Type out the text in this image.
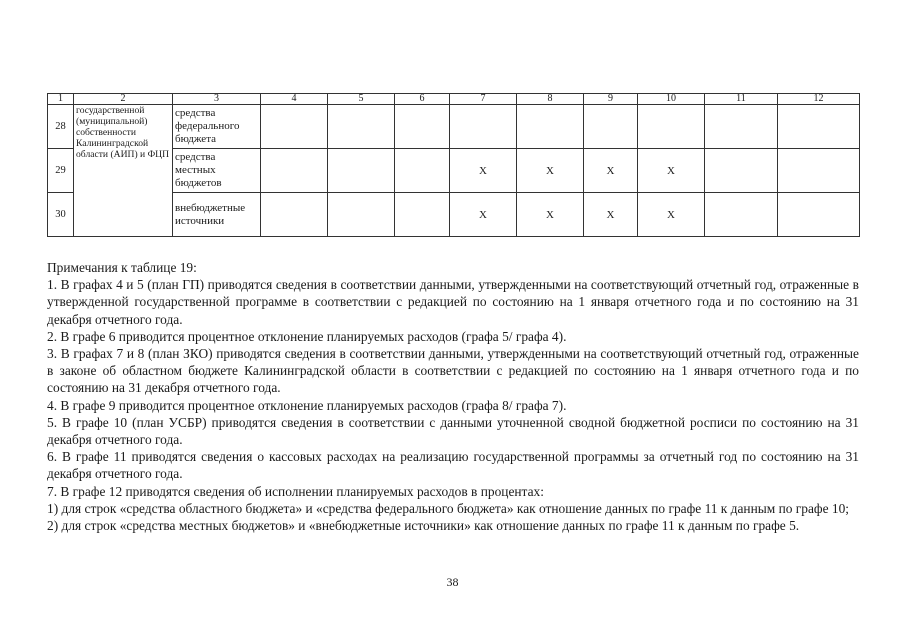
1	2	3	4	5	6	7	8	9	10	11	12
28	государственной (муниципальной) собственности Калининградской области (АИП) и ФЦП	средства федерального бюджета									
29		средства местных бюджетов				X	X	X	X		
30		внебюджетные источники				X	X	X	X		

Примечания к таблице 19:

1. В графах 4 и 5 (план ГП) приводятся сведения в соответствии данными, утвержденными на соответствующий отчетный год, отраженные в утвержденной государственной программе в соответствии с редакцией по состоянию на 1 января отчетного года и по состоянию на 31 декабря отчетного года.

2. В графе 6 приводится процентное отклонение планируемых расходов (графа 5/ графа 4).

3. В графах 7 и 8 (план ЗКО) приводятся сведения в соответствии данными, утвержденными на соответствующий отчетный год, отраженные в законе об областном бюджете Калининградской области в соответствии с редакцией по состоянию на 1 января отчетного года и по состоянию на 31 декабря отчетного года.

4. В графе 9 приводится процентное отклонение планируемых расходов (графа 8/ графа 7).

5. В графе 10 (план УСБР) приводятся сведения в соответствии с данными уточненной сводной бюджетной росписи по состоянию на 31 декабря отчетного года.

6. В графе 11 приводятся сведения о кассовых расходах на реализацию государственной программы за отчетный год по состоянию на 31 декабря отчетного года.

7. В графе 12 приводятся сведения об исполнении планируемых расходов в процентах:

1) для строк «средства областного бюджета» и «средства федерального бюджета» как отношение данных по графе 11 к данным по графе 10;

2) для строк «средства местных бюджетов» и «внебюджетные источники» как отношение данных по графе 11 к данным по графе 5.

38
